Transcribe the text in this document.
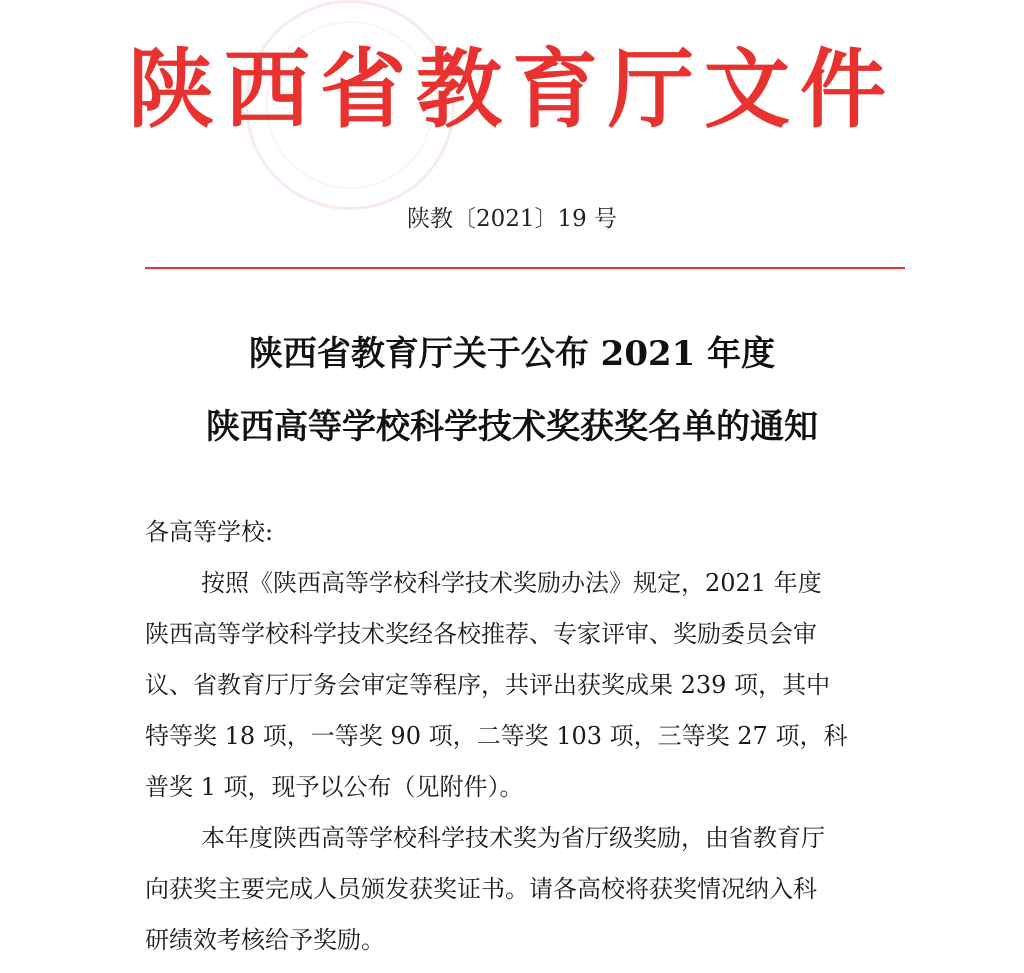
陕西省教育厅文件
陕教〔2021〕19 号
陕西省教育厅关于公布 2021 年度
陕西高等学校科学技术奖获奖名单的通知
各高等学校:
按照《陕西高等学校科学技术奖励办法》规定，2021 年度
陕西高等学校科学技术奖经各校推荐、专家评审、奖励委员会审
议、省教育厅厅务会审定等程序，共评出获奖成果 239 项，其中
特等奖 18 项，一等奖 90 项，二等奖 103 项，三等奖 27 项，科
普奖 1 项，现予以公布（见附件）。
本年度陕西高等学校科学技术奖为省厅级奖励，由省教育厅
向获奖主要完成人员颁发获奖证书。请各高校将获奖情况纳入科
研绩效考核给予奖励。
